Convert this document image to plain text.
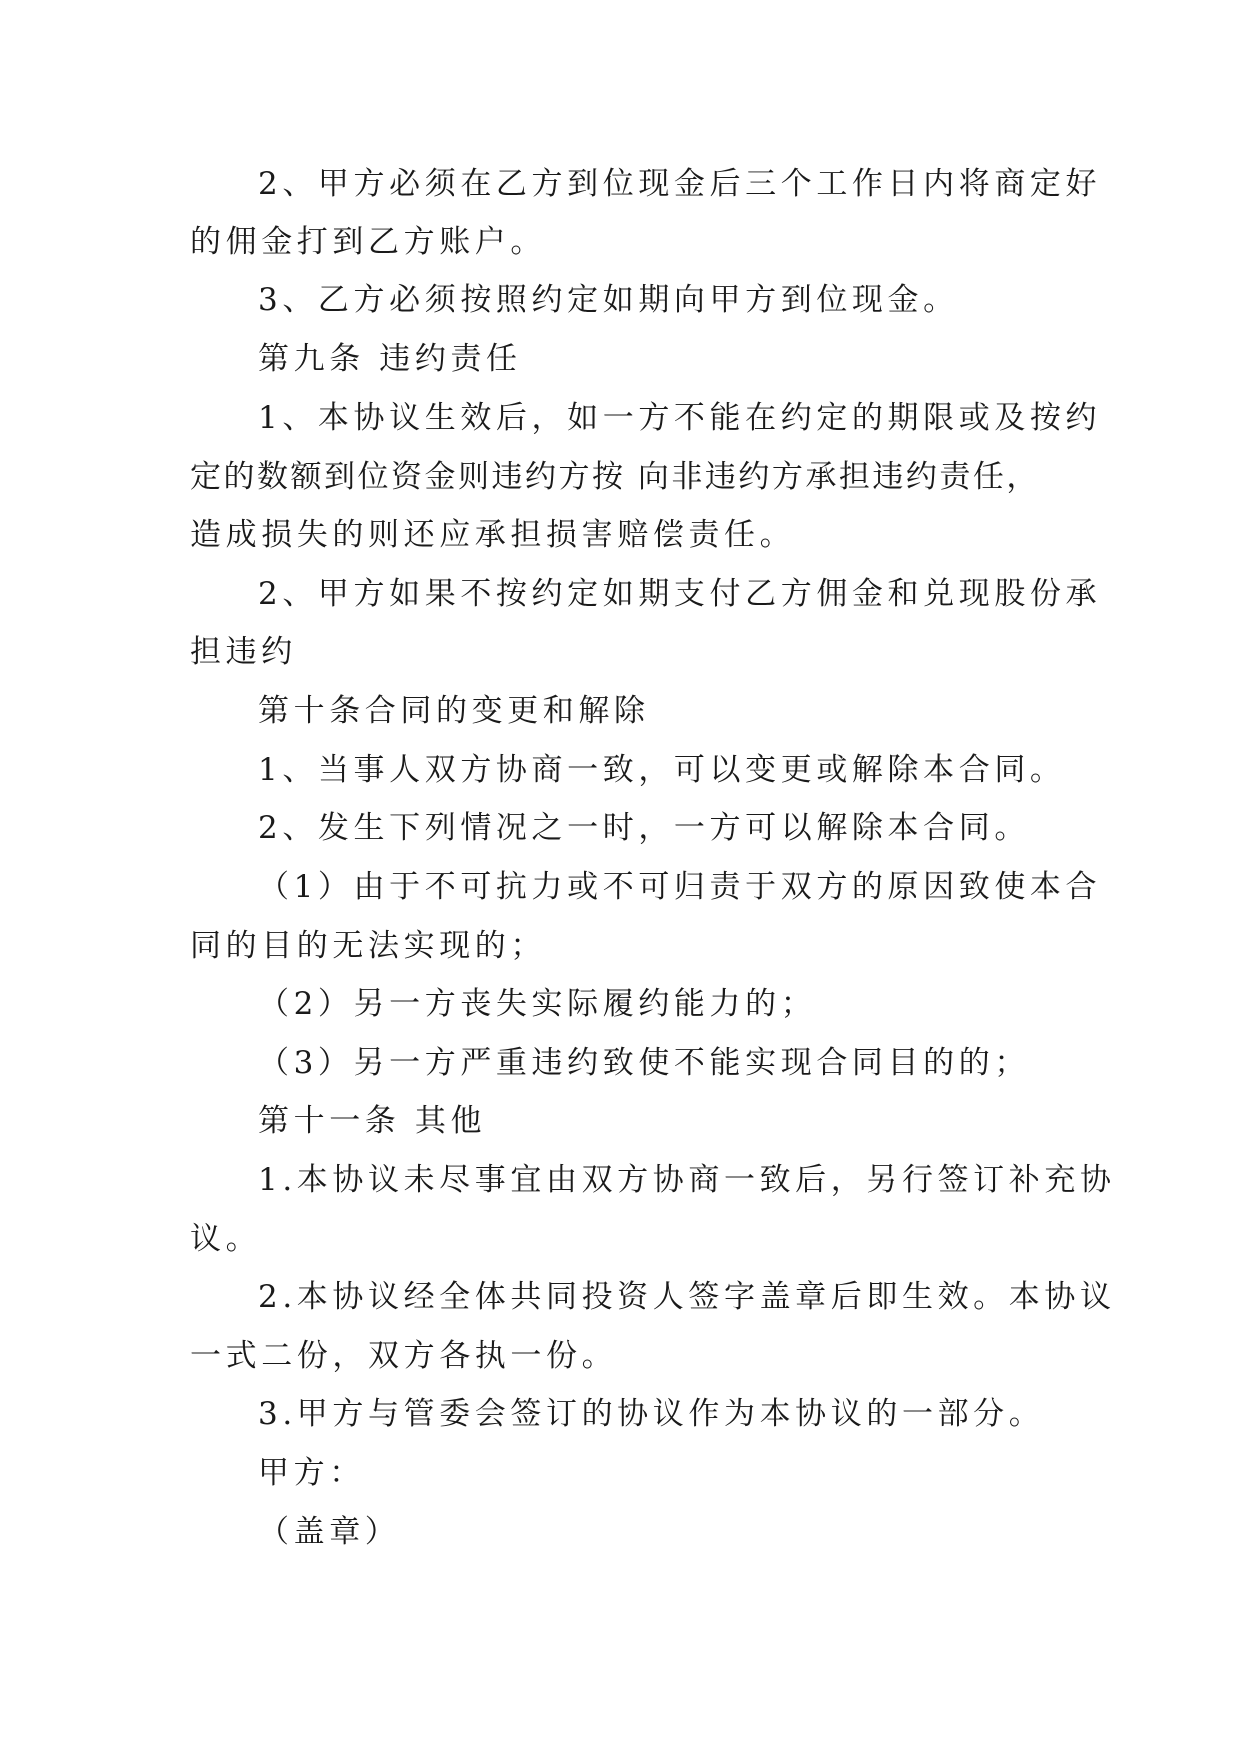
2、甲方必须在乙方到位现金后三个工作日内将商定好
的佣金打到乙方账户。
3、乙方必须按照约定如期向甲方到位现金。
第九条 违约责任
1、本协议生效后，如一方不能在约定的期限或及按约
定的数额到位资金则违约方按 向非违约方承担违约责任，
造成损失的则还应承担损害赔偿责任。
2、甲方如果不按约定如期支付乙方佣金和兑现股份承
担违约
第十条合同的变更和解除
1、当事人双方协商一致，可以变更或解除本合同。
2、发生下列情况之一时，一方可以解除本合同。
（1）由于不可抗力或不可归责于双方的原因致使本合
同的目的无法实现的；
（2）另一方丧失实际履约能力的；
（3）另一方严重违约致使不能实现合同目的的；
第十一条 其他
1.本协议未尽事宜由双方协商一致后，另行签订补充协
议。
2.本协议经全体共同投资人签字盖章后即生效。本协议
一式二份，双方各执一份。
3.甲方与管委会签订的协议作为本协议的一部分。
甲方：
（盖章）
